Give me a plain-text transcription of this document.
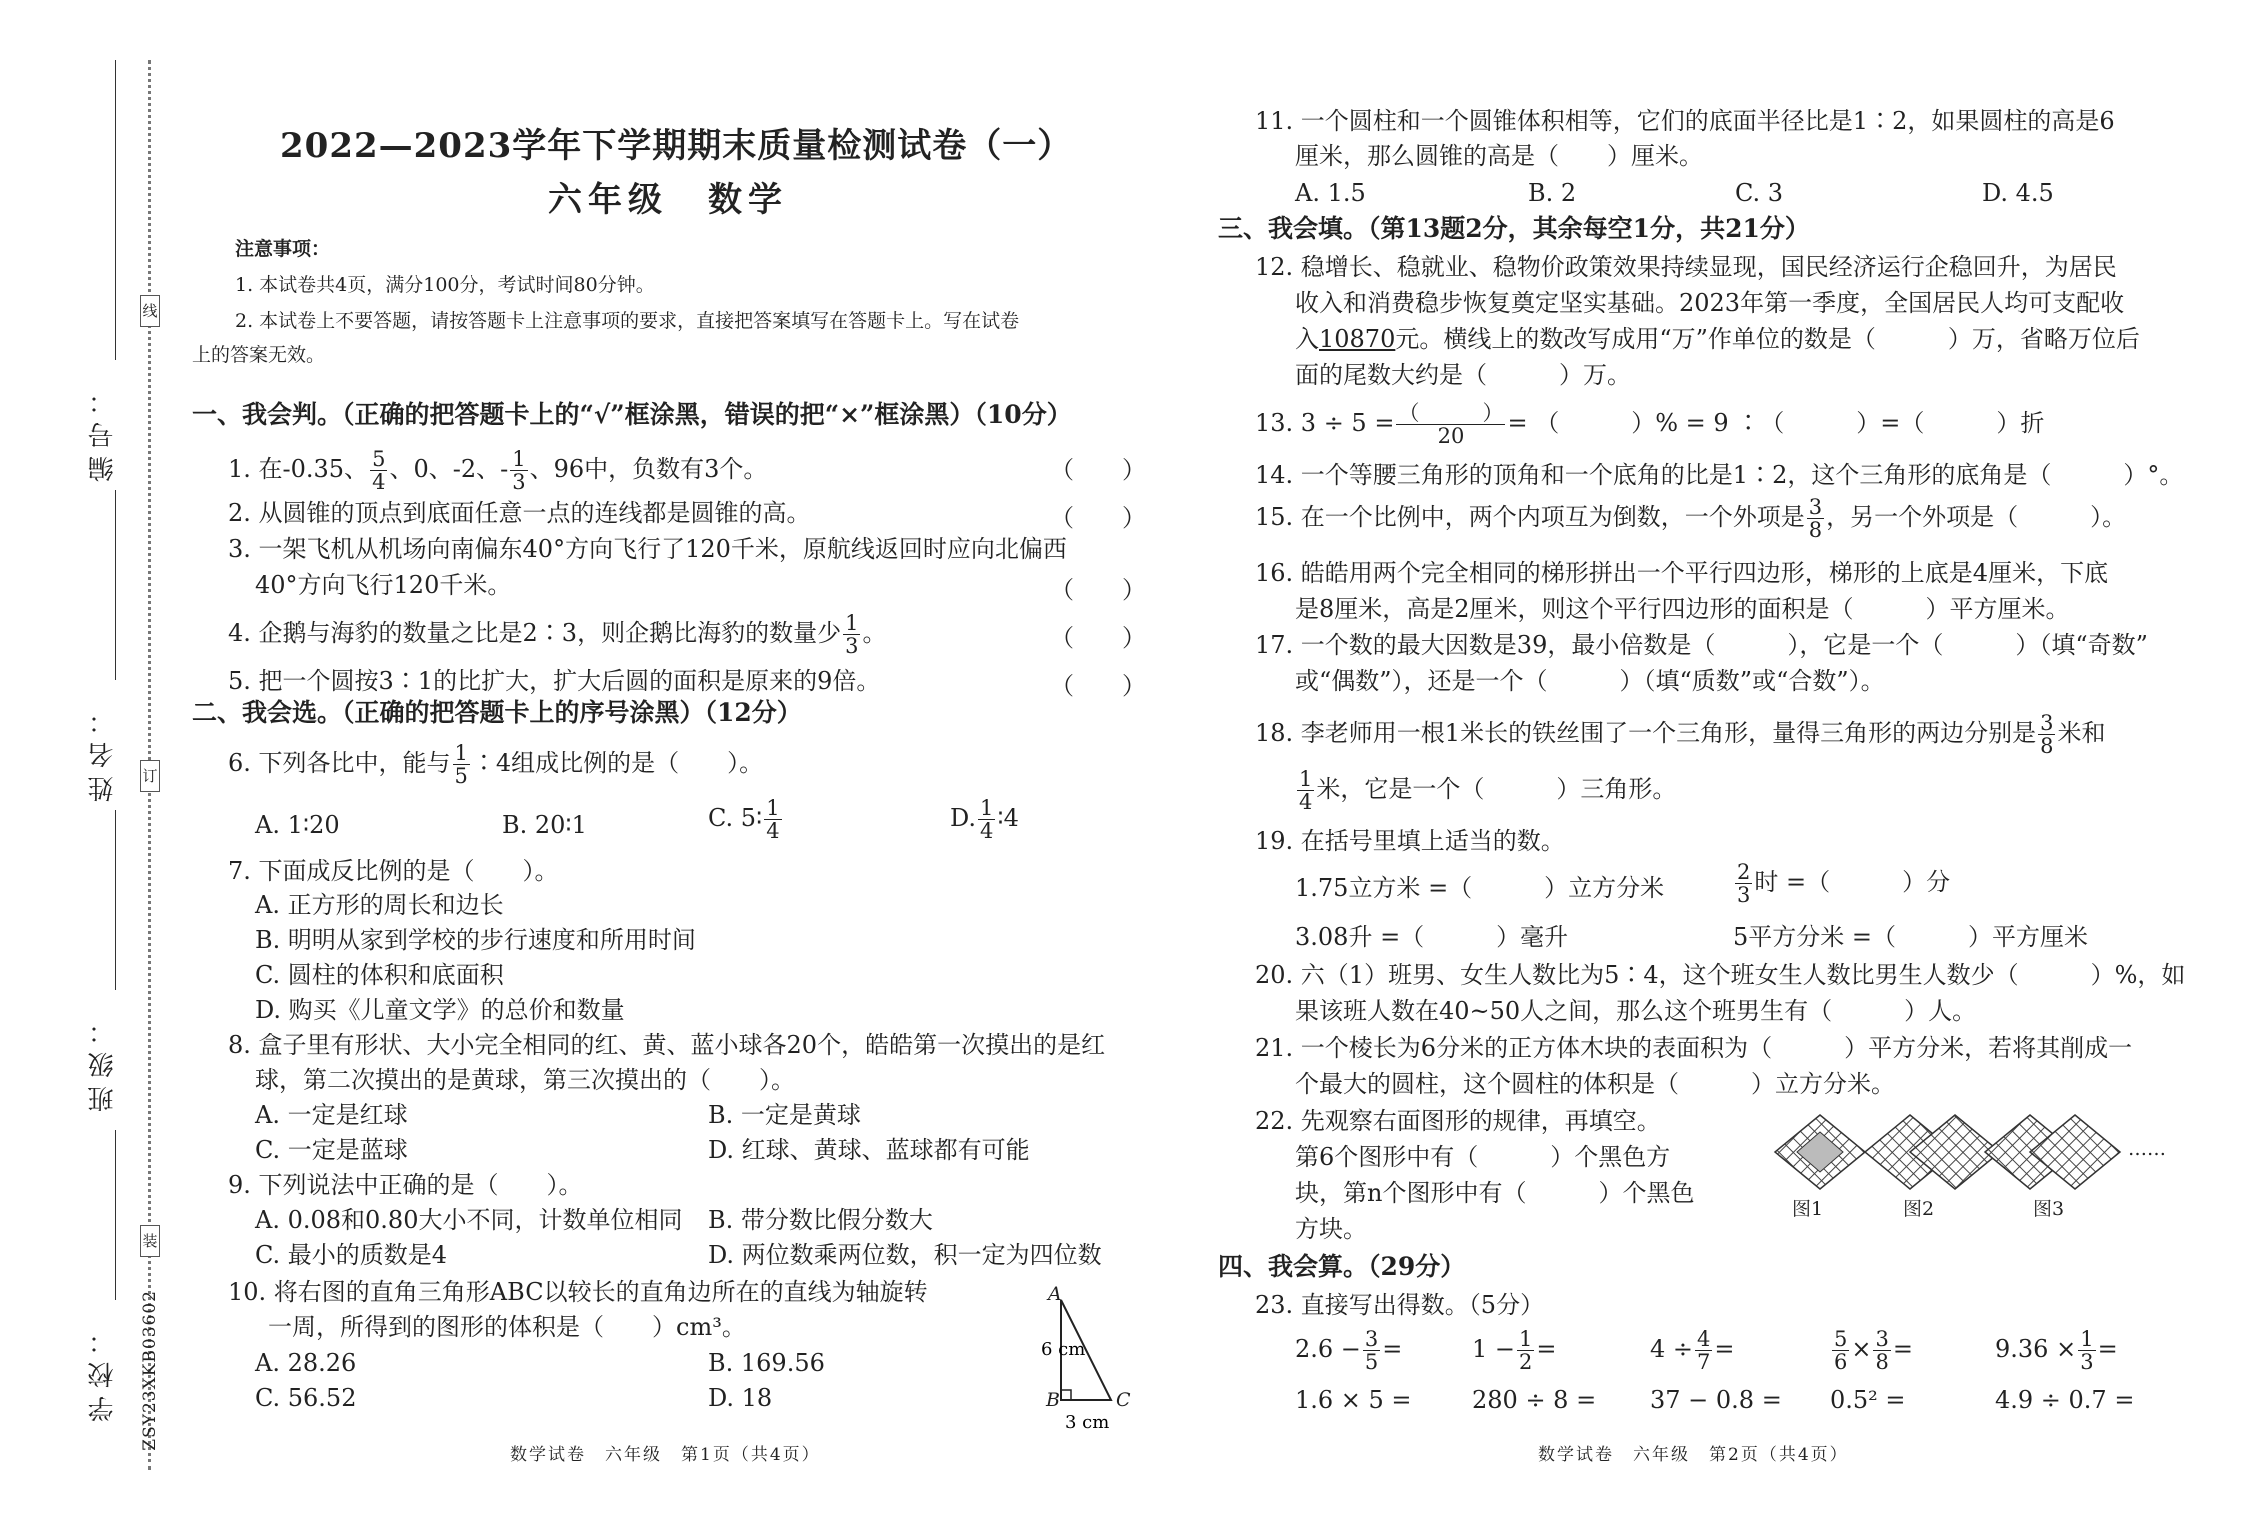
线
订
装
编号：
姓名：
班级：
学校： ZSY23XKB03602
2022—2023学年下学期期末质量检测试卷（一）
六年级　数学
注意事项：
1. 本试卷共4页，满分100分，考试时间80分钟。
2. 本试卷上不要答题，请按答题卡上注意事项的要求，直接把答案填写在答题卡上。写在试卷
上的答案无效。
一、我会判。（正确的把答题卡上的“√”框涂黑，错误的把“×”框涂黑）（10分）
1. 在-0.35、 $\frac{5}{4}$ 、0、-2、- $\frac{1}{3}$ 、96中，负数有3个。	（　　）
2. 从圆锥的顶点到底面任意一点的连线都是圆锥的高。	（　　）
3. 一架飞机从机场向南偏东40°方向飞行了120千米，原航线返回时应向北偏西
40°方向飞行120千米。	（　　）
4. 企鹅与海豹的数量之比是2∶3，则企鹅比海豹的数量少 $\frac{1}{3}$ 。	（　　）
5. 把一个圆按3∶1的比扩大，扩大后圆的面积是原来的9倍。	（　　）
二、我会选。（正确的把答题卡上的序号涂黑）（12分）
6. 下列各比中，能与 $\frac{1}{5}$ ∶4组成比例的是（　　）。
A. 1∶20	B. 20∶1	C. 5∶ $\frac{1}{4}$	D. $\frac{1}{4}$ ∶4
7. 下面成反比例的是（　　）。
A. 正方形的周长和边长
B. 明明从家到学校的步行速度和所用时间
C. 圆柱的体积和底面积
D. 购买《儿童文学》的总价和数量
8. 盒子里有形状、大小完全相同的红、黄、蓝小球各20个，皓皓第一次摸出的是红
球，第二次摸出的是黄球，第三次摸出的（　　）。
A. 一定是红球	B. 一定是黄球
C. 一定是蓝球	D. 红球、黄球、蓝球都有可能
9. 下列说法中正确的是（　　）。
A. 0.08和0.80大小不同，计数单位相同 B. 带分数比假分数大
C. 最小的质数是4	D. 两位数乘两位数，积一定为四位数
10. 将右图的直角三角形ABC以较长的直角边所在的直线为轴旋转
一周，所得到的图形的体积是（　　）cm³。
A. 28.26	B. 169.56
C. 56.52	D. 18
6 cm
3 cm
A
B	C
数学试卷　六年级　第1页（共4页）
11. 一个圆柱和一个圆锥体积相等，它们的底面半径比是1∶2，如果圆柱的高是6
厘米，那么圆锥的高是（　　）厘米。
A. 1.5	B. 2	C. 3	D. 4.5
三、我会填。（第13题2分，其余每空1分，共21分）
12. 稳增长、稳就业、稳物价政策效果持续显现，国民经济运行企稳回升，为居民
收入和消费稳步恢复奠定坚实基础。2023年第一季度，全国居民人均可支配收
入10870元。横线上的数改写成用“万”作单位的数是（　　　）万，省略万位后
面的尾数大约是（　　　）万。
13. 3 ÷ 5 = （　　　）
20 = （　　　）% = 9 ∶（　　　）=（　　　）折
14. 一个等腰三角形的顶角和一个底角的比是1∶2，这个三角形的底角是（　　　）°。
15. 在一个比例中，两个内项互为倒数，一个外项是 $\frac{3}{8}$ ，另一个外项是（　　　）。
16. 皓皓用两个完全相同的梯形拼出一个平行四边形，梯形的上底是4厘米，下底
是8厘米，高是2厘米，则这个平行四边形的面积是（　　　）平方厘米。
17. 一个数的最大因数是39，最小倍数是（　　　），它是一个（　　　）（填“奇数”
或“偶数”），还是一个（　　　）（填“质数”或“合数”）。
18. 李老师用一根1米长的铁丝围了一个三角形，量得三角形的两边分别是 $\frac{3}{8}$ 米和
$\frac{1}{4}$ 米，它是一个（　　　）三角形。
19. 在括号里填上适当的数。
1.75立方米 =（　　　）立方分米	$\frac{2}{3}$ 时 =（　　　）分
3.08升 =（　　　）毫升	5平方分米 =（　　　）平方厘米
20. 六（1）班男、女生人数比为5∶4，这个班女生人数比男生人数少（　　　）%，如
果该班人数在40~50人之间，那么这个班男生有（　　　）人。
21. 一个棱长为6分米的正方体木块的表面积为（　　　）平方分米，若将其削成一
个最大的圆柱，这个圆柱的体积是（　　　）立方分米。
22. 先观察右面图形的规律，再填空。
第6个图形中有（　　　）个黑色方
块，第n个图形中有（　　　）个黑色
方块。
……
图1	图2	图3
四、我会算。（29分）
23. 直接写出得数。（5分）
$2.6 - \frac{3}{5}$ =	$1 - \frac{1}{2}$ =	$4 \div \frac{4}{7}$ =	$\frac{5}{6} \times \frac{3}{8}$ =	$9.36 \times \frac{1}{3}$ =
1.6 × 5 =	280 ÷ 8 = 37 − 0.8 = 0.5² =	4.9 ÷ 0.7 =
数学试卷　六年级　第2页（共4页）
